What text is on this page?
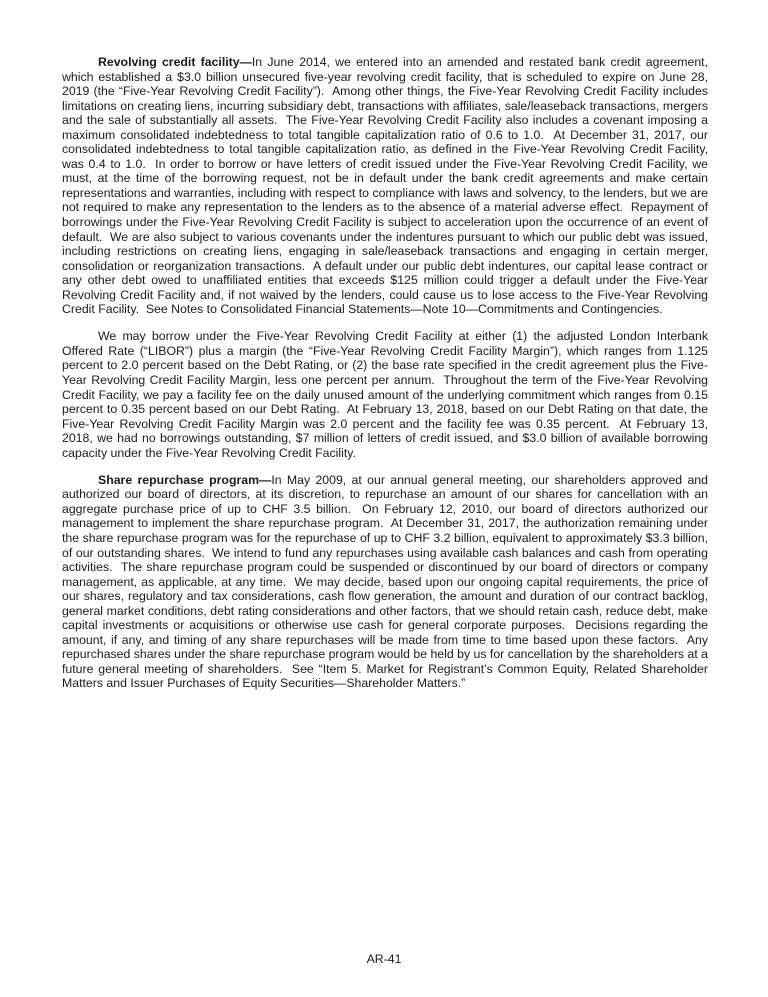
Revolving credit facility—In June 2014, we entered into an amended and restated bank credit agreement, which established a $3.0 billion unsecured five-year revolving credit facility, that is scheduled to expire on June 28, 2019 (the “Five-Year Revolving Credit Facility”).  Among other things, the Five-Year Revolving Credit Facility includes limitations on creating liens, incurring subsidiary debt, transactions with affiliates, sale/leaseback transactions, mergers and the sale of substantially all assets.  The Five-Year Revolving Credit Facility also includes a covenant imposing a maximum consolidated indebtedness to total tangible capitalization ratio of 0.6 to 1.0.  At December 31, 2017, our consolidated indebtedness to total tangible capitalization ratio, as defined in the Five-Year Revolving Credit Facility, was 0.4 to 1.0.  In order to borrow or have letters of credit issued under the Five-Year Revolving Credit Facility, we must, at the time of the borrowing request, not be in default under the bank credit agreements and make certain representations and warranties, including with respect to compliance with laws and solvency, to the lenders, but we are not required to make any representation to the lenders as to the absence of a material adverse effect.  Repayment of borrowings under the Five-Year Revolving Credit Facility is subject to acceleration upon the occurrence of an event of default.  We are also subject to various covenants under the indentures pursuant to which our public debt was issued, including restrictions on creating liens, engaging in sale/leaseback transactions and engaging in certain merger, consolidation or reorganization transactions.  A default under our public debt indentures, our capital lease contract or any other debt owed to unaffiliated entities that exceeds $125 million could trigger a default under the Five-Year Revolving Credit Facility and, if not waived by the lenders, could cause us to lose access to the Five-Year Revolving Credit Facility.  See Notes to Consolidated Financial Statements—Note 10—Commitments and Contingencies.

We may borrow under the Five-Year Revolving Credit Facility at either (1) the adjusted London Interbank Offered Rate (“LIBOR”) plus a margin (the “Five-Year Revolving Credit Facility Margin”), which ranges from 1.125 percent to 2.0 percent based on the Debt Rating, or (2) the base rate specified in the credit agreement plus the Five-Year Revolving Credit Facility Margin, less one percent per annum.  Throughout the term of the Five-Year Revolving Credit Facility, we pay a facility fee on the daily unused amount of the underlying commitment which ranges from 0.15 percent to 0.35 percent based on our Debt Rating.  At February 13, 2018, based on our Debt Rating on that date, the Five-Year Revolving Credit Facility Margin was 2.0 percent and the facility fee was 0.35 percent.  At February 13, 2018, we had no borrowings outstanding, $7 million of letters of credit issued, and $3.0 billion of available borrowing capacity under the Five-Year Revolving Credit Facility.

Share repurchase program—In May 2009, at our annual general meeting, our shareholders approved and authorized our board of directors, at its discretion, to repurchase an amount of our shares for cancellation with an aggregate purchase price of up to CHF 3.5 billion.  On February 12, 2010, our board of directors authorized our management to implement the share repurchase program.  At December 31, 2017, the authorization remaining under the share repurchase program was for the repurchase of up to CHF 3.2 billion, equivalent to approximately $3.3 billion, of our outstanding shares.  We intend to fund any repurchases using available cash balances and cash from operating activities.  The share repurchase program could be suspended or discontinued by our board of directors or company management, as applicable, at any time.  We may decide, based upon our ongoing capital requirements, the price of our shares, regulatory and tax considerations, cash flow generation, the amount and duration of our contract backlog, general market conditions, debt rating considerations and other factors, that we should retain cash, reduce debt, make capital investments or acquisitions or otherwise use cash for general corporate purposes.  Decisions regarding the amount, if any, and timing of any share repurchases will be made from time to time based upon these factors.  Any repurchased shares under the share repurchase program would be held by us for cancellation by the shareholders at a future general meeting of shareholders.  See “Item 5. Market for Registrant’s Common Equity, Related Shareholder Matters and Issuer Purchases of Equity Securities—Shareholder Matters.”

AR-41
